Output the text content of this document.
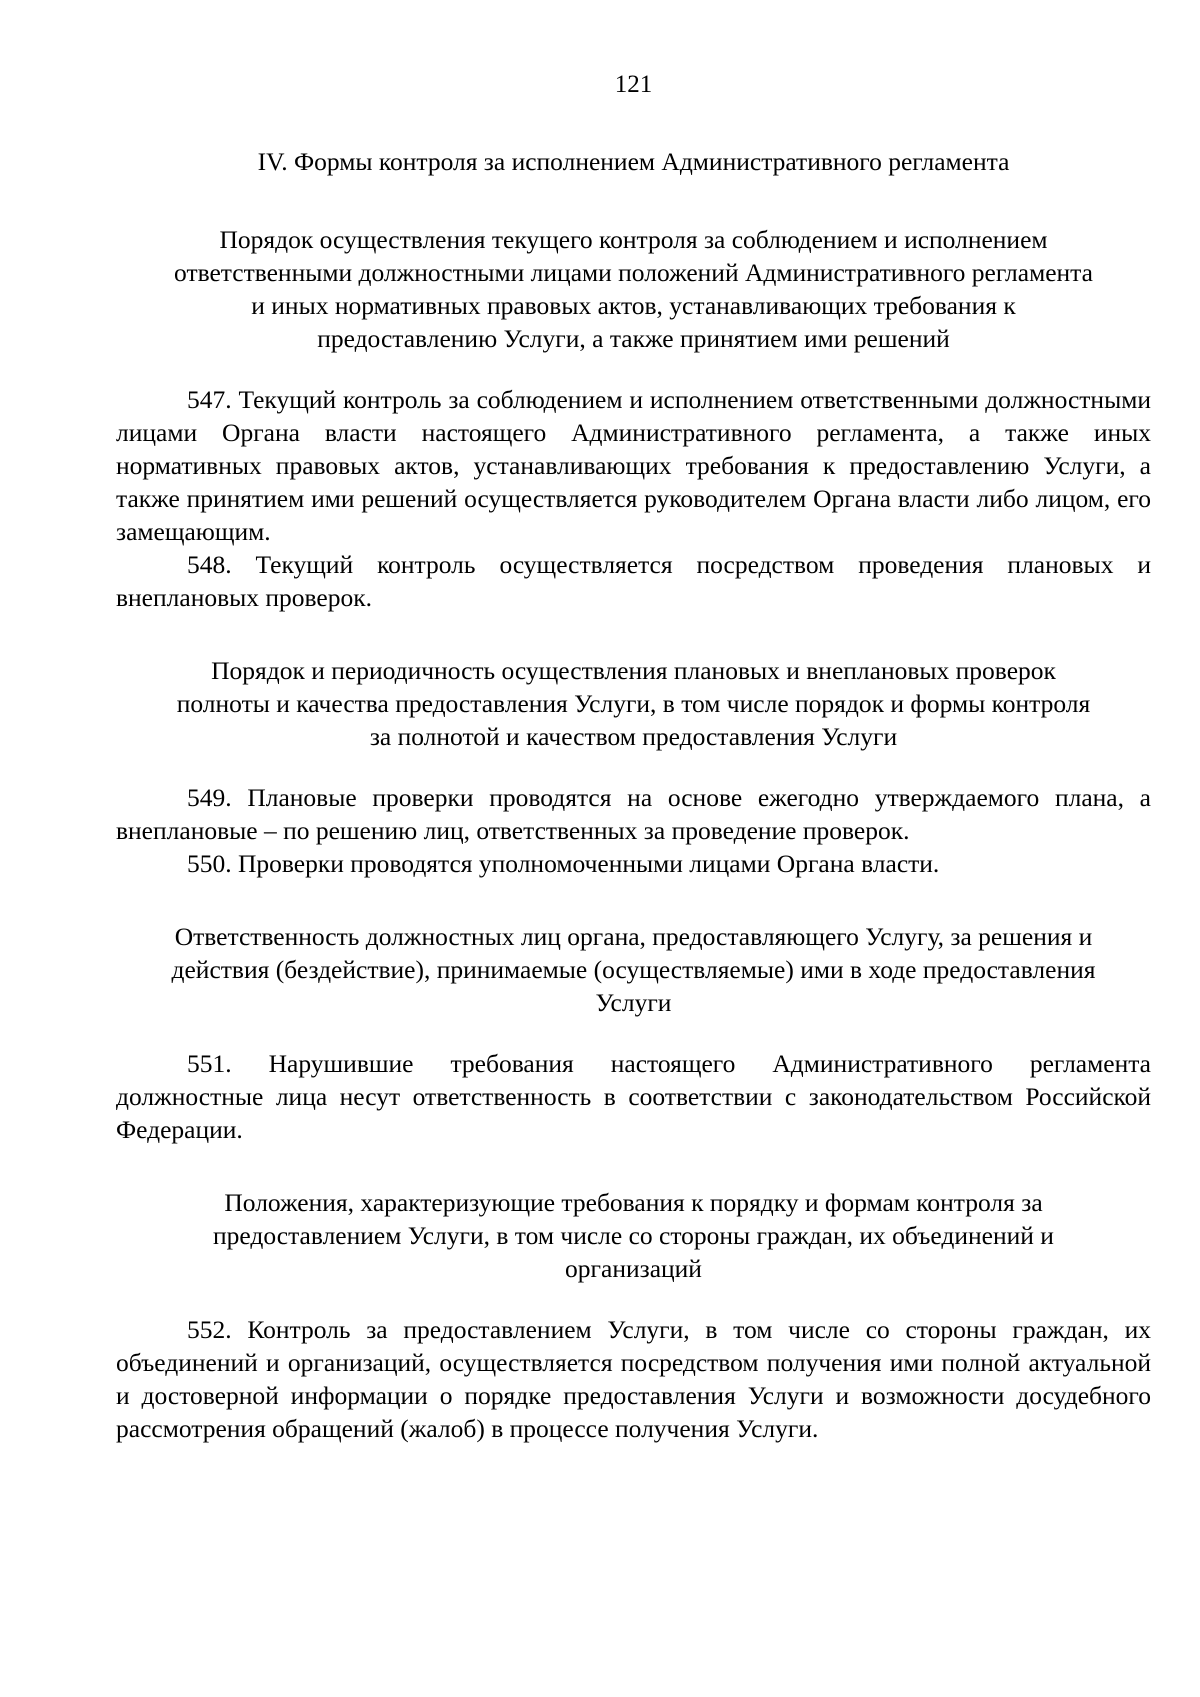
121
IV. Формы контроля за исполнением Административного регламента
Порядок осуществления текущего контроля за соблюдением и исполнением
ответственными должностными лицами положений Административного регламента
и иных нормативных правовых актов, устанавливающих требования к
предоставлению Услуги, а также принятием ими решений

547. Текущий контроль за соблюдением и исполнением ответственными должностными лицами Органа власти настоящего Административного регламента, а также иных нормативных правовых актов, устанавливающих требования к предоставлению Услуги, а также принятием ими решений осуществляется руководителем Органа власти либо лицом, его замещающим.

548. Текущий контроль осуществляется посредством проведения плановых и внеплановых проверок.

Порядок и периодичность осуществления плановых и внеплановых проверок
полноты и качества предоставления Услуги, в том числе порядок и формы контроля
за полнотой и качеством предоставления Услуги

549. Плановые проверки проводятся на основе ежегодно утверждаемого плана, а внеплановые – по решению лиц, ответственных за проведение проверок.

550. Проверки проводятся уполномоченными лицами Органа власти.

Ответственность должностных лиц органа, предоставляющего Услугу, за решения и
действия (бездействие), принимаемые (осуществляемые) ими в ходе предоставления
Услуги

551. Нарушившие требования настоящего Административного регламента должностные лица несут ответственность в соответствии с законодательством Российской Федерации.

Положения, характеризующие требования к порядку и формам контроля за
предоставлением Услуги, в том числе со стороны граждан, их объединений и
организаций

552. Контроль за предоставлением Услуги, в том числе со стороны граждан, их объединений и организаций, осуществляется посредством получения ими полной актуальной и достоверной информации о порядке предоставления Услуги и возможности досудебного рассмотрения обращений (жалоб) в процессе получения Услуги.
